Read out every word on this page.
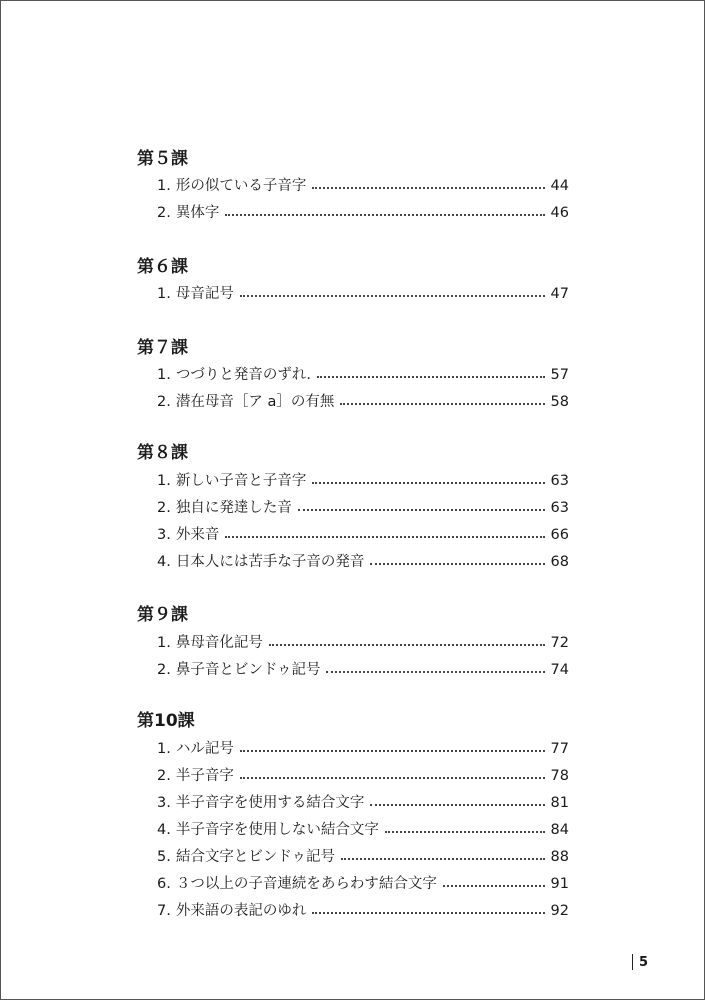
第５課
1. 形の似ている子音字	44
2. 異体字	46
第６課
1. 母音記号	47
第７課
1. つづりと発音のずれ.	57
2. 潜在母音［ア a］の有無	58
第８課
1. 新しい子音と子音字	63
2. 独自に発達した音	63
3. 外来音	66
4. 日本人には苦手な子音の発音	68
第９課
1. 鼻母音化記号	72
2. 鼻子音とビンドゥ記号	74
第10課
1. ハル記号	77
2. 半子音字	78
3. 半子音字を使用する結合文字	81
4. 半子音字を使用しない結合文字	84
5. 結合文字とビンドゥ記号	88
6. ３つ以上の子音連続をあらわす結合文字	91
7. 外来語の表記のゆれ	92
5
